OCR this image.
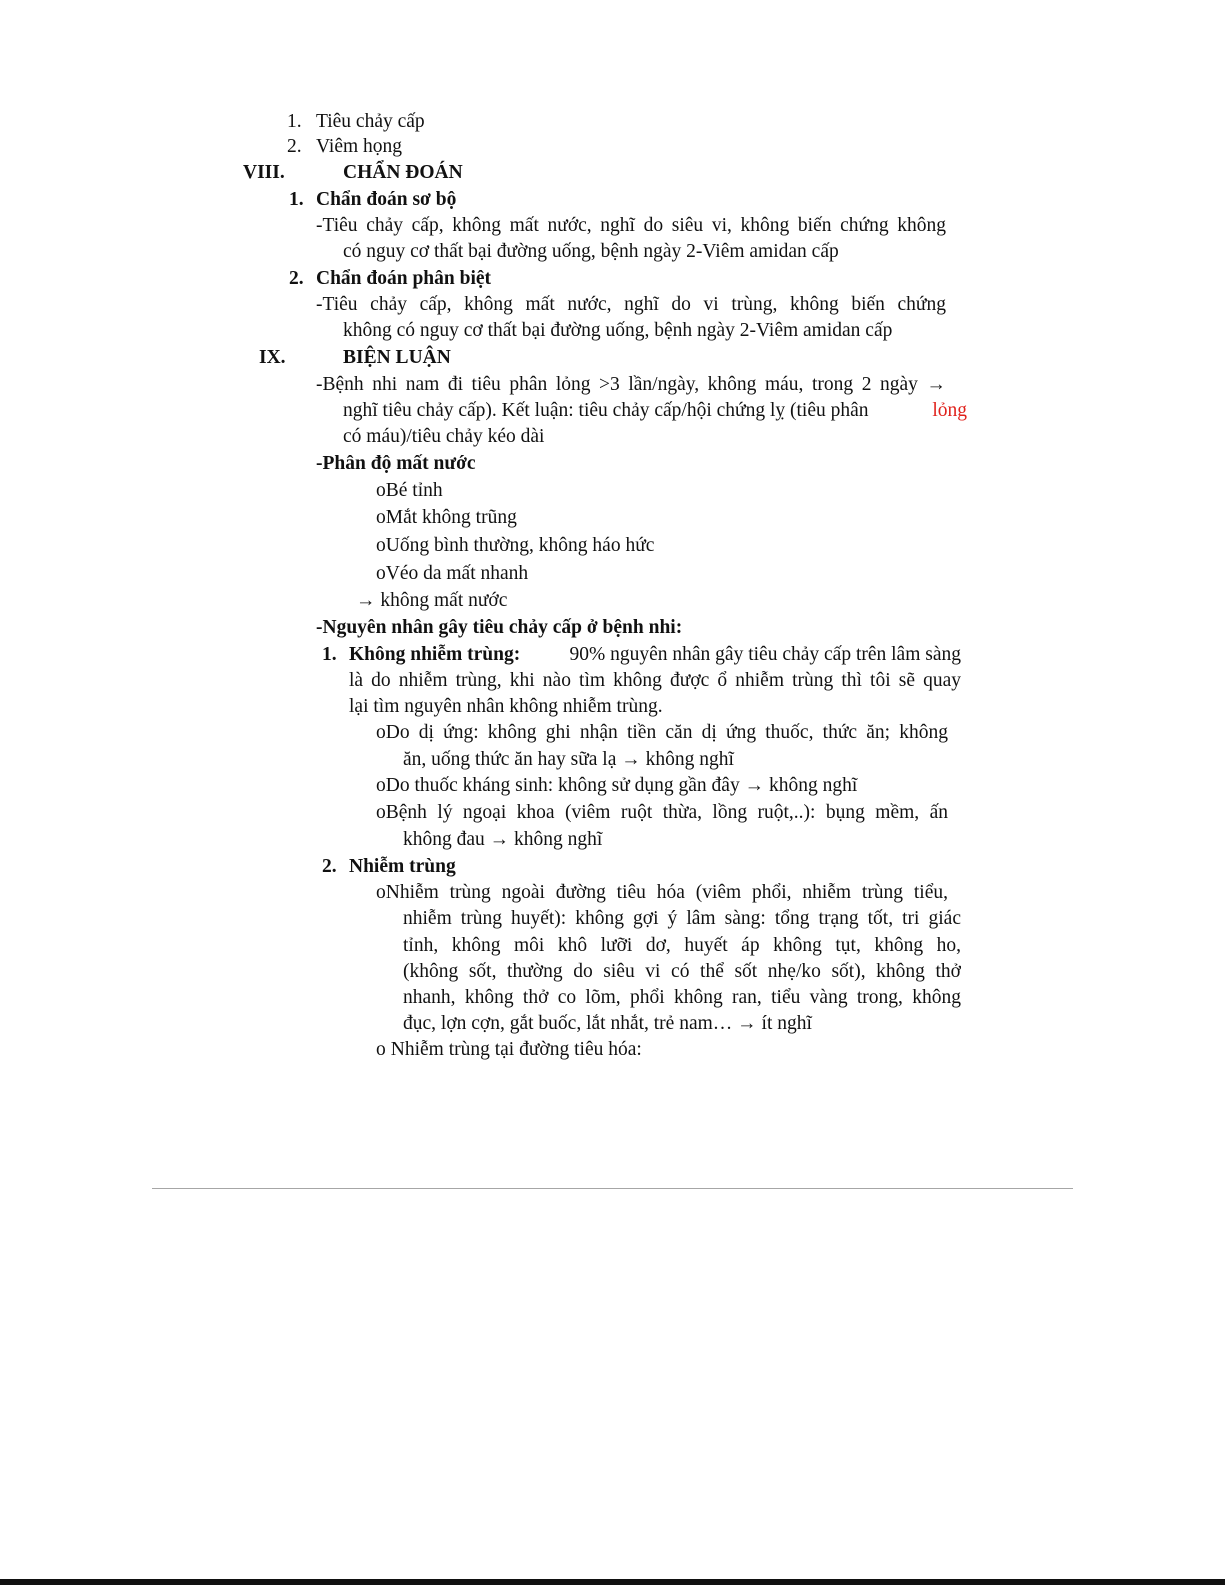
1. Tiêu chảy cấp
2. Viêm họng
VIII.	CHẨN ĐOÁN
1. Chẩn đoán sơ bộ
-Tiêu chảy cấp, không mất nước, nghĩ do siêu vi, không biến chứng không
có nguy cơ thất bại đường uống, bệnh ngày 2-Viêm amidan cấp
2. Chẩn đoán phân biệt
-Tiêu chảy cấp, không mất nước, nghĩ do vi trùng, không biến chứng
không có nguy cơ thất bại đường uống, bệnh ngày 2-Viêm amidan cấp
IX.	BIỆN LUẬN
-Bệnh nhi nam đi tiêu phân lỏng >3 lần/ngày, không máu, trong 2 ngày →
nghĩ tiêu chảy cấp). Kết luận: tiêu chảy cấp/hội chứng lỵ (tiêu phân	lỏng
có máu)/tiêu chảy kéo dài
-Phân độ mất nước
oBé tỉnh
oMắt không trũng
oUống bình thường, không háo hức
oVéo da mất nhanh
→ không mất nước
-Nguyên nhân gây tiêu chảy cấp ở bệnh nhi:
1. Không nhiễm trùng:	90% nguyên nhân gây tiêu chảy cấp trên lâm sàng
là do nhiễm trùng, khi nào tìm không được ổ nhiễm trùng thì tôi sẽ quay
lại tìm nguyên nhân không nhiễm trùng.
o Do dị ứng: không ghi nhận tiền căn dị ứng thuốc, thức ăn; không
ăn, uống thức ăn hay sữa lạ → không nghĩ
oDo thuốc kháng sinh: không sử dụng gần đây → không nghĩ
o Bệnh lý ngoại khoa (viêm ruột thừa, lồng ruột,..): bụng mềm, ấn
không đau → không nghĩ
2. Nhiễm trùng
o Nhiễm trùng ngoài đường tiêu hóa (viêm phổi, nhiễm trùng tiểu,
nhiễm trùng huyết): không gợi ý lâm sàng: tổng trạng tốt, tri giác
tỉnh, không môi khô lưỡi dơ, huyết áp không tụt, không ho,
(không sốt, thường do siêu vi có thể sốt nhẹ/ko sốt), không thở
nhanh, không thở co lõm, phổi không ran, tiểu vàng trong, không
đục, lợn cợn, gắt buốc, lắt nhắt, trẻ nam… → ít nghĩ
o Nhiễm trùng tại đường tiêu hóa:
